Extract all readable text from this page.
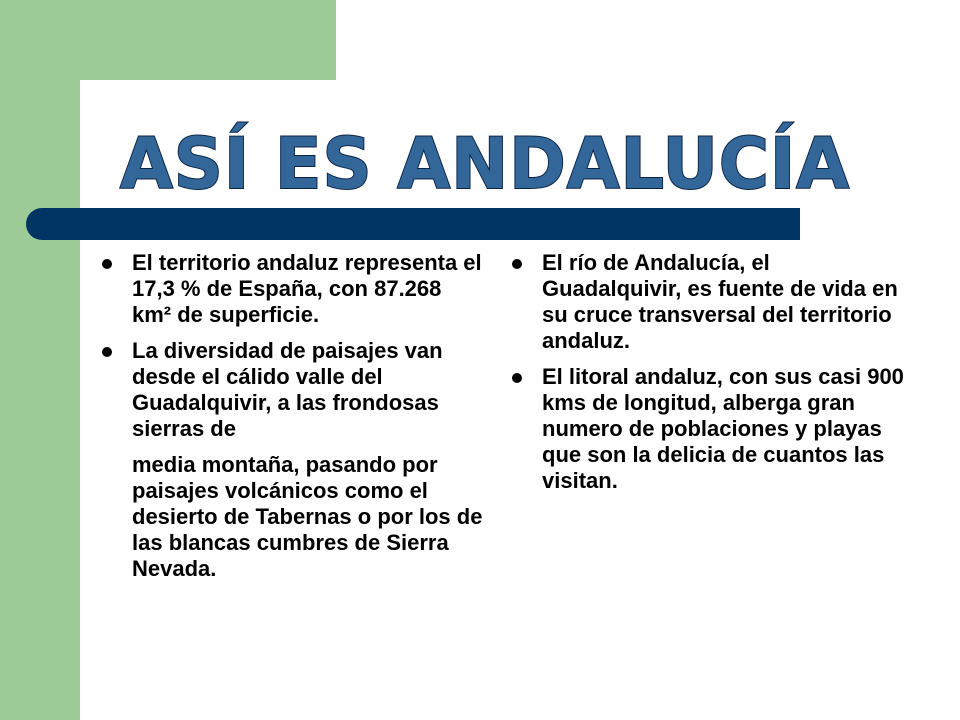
ASÍ ES ANDALUCÍA
El territorio andaluz representa el 17,3 % de España, con 87.268 km² de superficie.
La diversidad de paisajes van desde el cálido valle del Guadalquivir, a las frondosas sierras de
media montaña, pasando por paisajes volcánicos como el desierto de Tabernas o por los de las blancas cumbres de Sierra Nevada.
El río de Andalucía, el Guadalquivir, es fuente de vida en su cruce transversal del territorio andaluz.
El litoral andaluz, con sus casi 900 kms de longitud, alberga gran numero de poblaciones y playas que son la delicia de cuantos las visitan.
